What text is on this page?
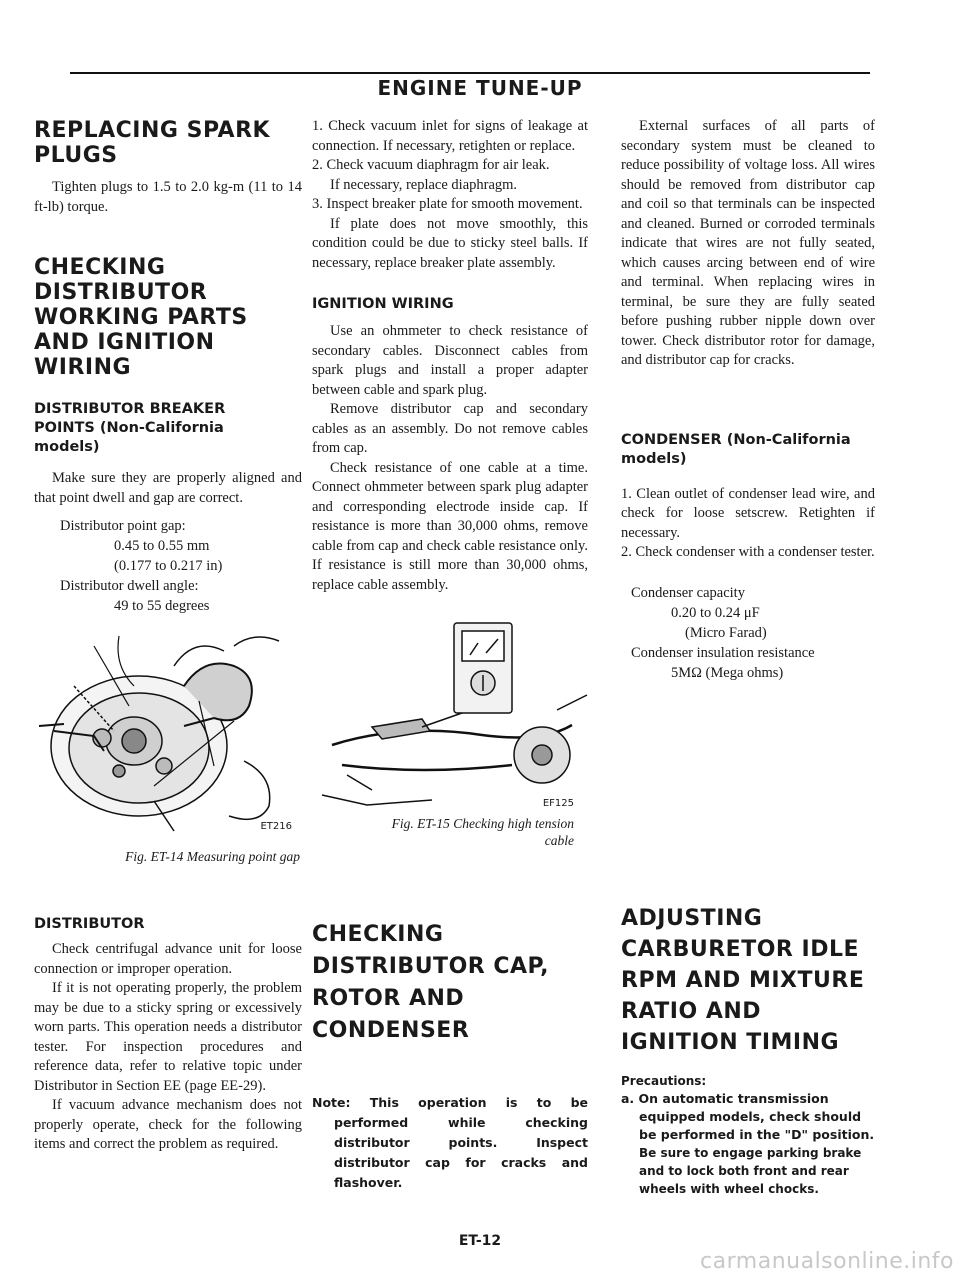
ENGINE TUNE-UP
REPLACING SPARK PLUGS

Tighten plugs to 1.5 to 2.0 kg-m (11 to 14 ft-lb) torque.

CHECKING DISTRIBUTOR WORKING PARTS AND IGNITION WIRING
DISTRIBUTOR BREAKER POINTS (Non-California models)

Make sure they are properly aligned and that point dwell and gap are correct.

Distributor point gap:

0.45 to 0.55 mm

(0.177 to 0.217 in)

Distributor dwell angle:

49 to 55 degrees

ET216
Fig. ET-14 Measuring point gap
DISTRIBUTOR

Check centrifugal advance unit for loose connection or improper operation.

If it is not operating properly, the problem may be due to a sticky spring or excessively worn parts. This operation needs a distributor tester. For inspection procedures and reference data, refer to relative topic under Distributor in Section EE (page EE-29).

If vacuum advance mechanism does not properly operate, check for the following items and correct the problem as required.

1. Check vacuum inlet for signs of leakage at connection. If necessary, retighten or replace.

2. Check vacuum diaphragm for air leak.

If necessary, replace diaphragm.

3. Inspect breaker plate for smooth movement.

If plate does not move smoothly, this condition could be due to sticky steel balls. If necessary, replace breaker plate assembly.

IGNITION WIRING

Use an ohmmeter to check resistance of secondary cables. Disconnect cables from spark plugs and install a proper adapter between cable and spark plug.

Remove distributor cap and secondary cables as an assembly. Do not remove cables from cap.

Check resistance of one cable at a time. Connect ohmmeter between spark plug adapter and corresponding electrode inside cap. If resistance is more than 30,000 ohms, remove cable from cap and check cable resistance only. If resistance is still more than 30,000 ohms, replace cable assembly.

EF125
Fig. ET-15 Checking high tension
cable
CHECKING DISTRIBUTOR CAP, ROTOR AND CONDENSER

Note: This operation is to be performed while checking distributor points. Inspect distributor cap for cracks and flashover.

External surfaces of all parts of secondary system must be cleaned to reduce possibility of voltage loss. All wires should be removed from distributor cap and coil so that terminals can be inspected and cleaned. Burned or corroded terminals indicate that wires are not fully seated, which causes arcing between end of wire and terminal. When replacing wires in terminal, be sure they are fully seated before pushing rubber nipple down over tower. Check distributor rotor for damage, and distributor cap for cracks.

CONDENSER (Non-California models)

1. Clean outlet of condenser lead wire, and check for loose setscrew. Retighten if necessary.

2. Check condenser with a condenser tester.

Condenser capacity

0.20 to 0.24 μF

(Micro Farad)

Condenser insulation resistance

5MΩ (Mega ohms)

ADJUSTING CARBURETOR IDLE RPM AND MIXTURE RATIO AND IGNITION TIMING

Precautions:

a. On automatic transmission equipped models, check should be performed in the "D" position.

Be sure to engage parking brake and to lock both front and rear wheels with wheel chocks.

ET-12
carmanualsonline.info
